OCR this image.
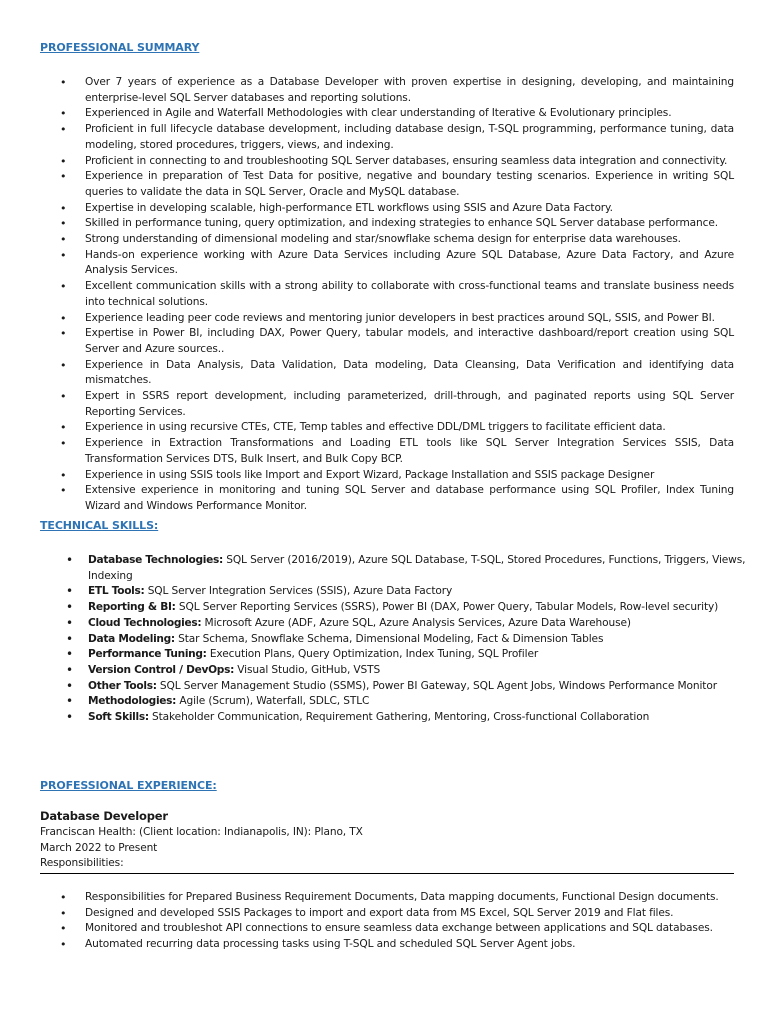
PROFESSIONAL SUMMARY
• Over 7 years of experience as a Database Developer with proven expertise in designing, developing, and maintaining enterprise-level SQL Server databases and reporting solutions.
• Experienced in Agile and Waterfall Methodologies with clear understanding of Iterative & Evolutionary principles.
• Proficient in full lifecycle database development, including database design, T-SQL programming, performance tuning, data modeling, stored procedures, triggers, views, and indexing.
• Proficient in connecting to and troubleshooting SQL Server databases, ensuring seamless data integration and connectivity.
• Experience in preparation of Test Data for positive, negative and boundary testing scenarios. Experience in writing SQL queries to validate the data in SQL Server, Oracle and MySQL database.
• Expertise in developing scalable, high-performance ETL workflows using SSIS and Azure Data Factory.
• Skilled in performance tuning, query optimization, and indexing strategies to enhance SQL Server database performance.
• Strong understanding of dimensional modeling and star/snowflake schema design for enterprise data warehouses.
• Hands-on experience working with Azure Data Services including Azure SQL Database, Azure Data Factory, and Azure Analysis Services.
• Excellent communication skills with a strong ability to collaborate with cross-functional teams and translate business needs into technical solutions.
• Experience leading peer code reviews and mentoring junior developers in best practices around SQL, SSIS, and Power BI.
• Expertise in Power BI, including DAX, Power Query, tabular models, and interactive dashboard/report creation using SQL Server and Azure sources..
• Experience in Data Analysis, Data Validation, Data modeling, Data Cleansing, Data Verification and identifying data mismatches.
• Expert in SSRS report development, including parameterized, drill-through, and paginated reports using SQL Server Reporting Services.
• Experience in using recursive CTEs, CTE, Temp tables and effective DDL/DML triggers to facilitate efficient data.
• Experience in Extraction Transformations and Loading ETL tools like SQL Server Integration Services SSIS, Data Transformation Services DTS, Bulk Insert, and Bulk Copy BCP.
• Experience in using SSIS tools like Import and Export Wizard, Package Installation and SSIS package Designer
• Extensive experience in monitoring and tuning SQL Server and database performance using SQL Profiler, Index Tuning Wizard and Windows Performance Monitor.
TECHNICAL SKILLS:
• Database Technologies: SQL Server (2016/2019), Azure SQL Database, T-SQL, Stored Procedures, Functions, Triggers, Views, Indexing
• ETL Tools: SQL Server Integration Services (SSIS), Azure Data Factory
• Reporting & BI: SQL Server Reporting Services (SSRS), Power BI (DAX, Power Query, Tabular Models, Row-level security)
• Cloud Technologies: Microsoft Azure (ADF, Azure SQL, Azure Analysis Services, Azure Data Warehouse)
• Data Modeling: Star Schema, Snowflake Schema, Dimensional Modeling, Fact & Dimension Tables
• Performance Tuning: Execution Plans, Query Optimization, Index Tuning, SQL Profiler
• Version Control / DevOps: Visual Studio, GitHub, VSTS
• Other Tools: SQL Server Management Studio (SSMS), Power BI Gateway, SQL Agent Jobs, Windows Performance Monitor
• Methodologies: Agile (Scrum), Waterfall, SDLC, STLC
• Soft Skills: Stakeholder Communication, Requirement Gathering, Mentoring, Cross-functional Collaboration
PROFESSIONAL EXPERIENCE:
Database Developer
Franciscan Health: (Client location: Indianapolis, IN): Plano, TX
March 2022 to Present
Responsibilities:
• Responsibilities for Prepared Business Requirement Documents, Data mapping documents, Functional Design documents.
• Designed and developed SSIS Packages to import and export data from MS Excel, SQL Server 2019 and Flat files.
• Monitored and troubleshot API connections to ensure seamless data exchange between applications and SQL databases.
• Automated recurring data processing tasks using T-SQL and scheduled SQL Server Agent jobs.
